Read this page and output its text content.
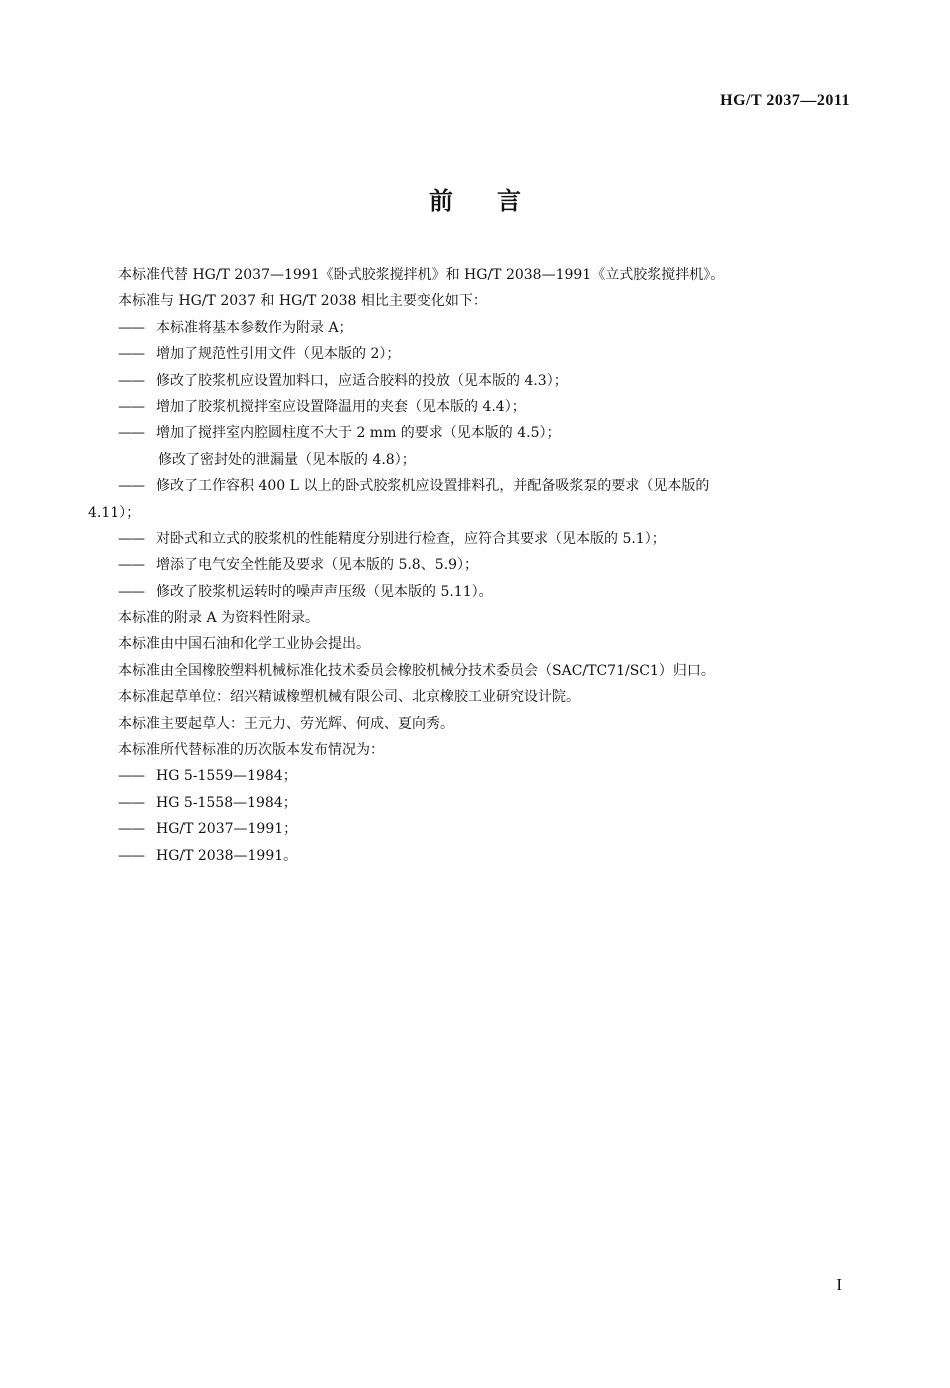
HG/T 2037—2011
前言
本标准代替 HG/T 2037—1991《卧式胶浆搅拌机》和 HG/T 2038—1991《立式胶浆搅拌机》。
本标准与 HG/T 2037 和 HG/T 2038 相比主要变化如下：
—— 本标准将基本参数作为附录 A；
—— 增加了规范性引用文件（见本版的 2）；
—— 修改了胶浆机应设置加料口，应适合胶料的投放（见本版的 4.3）；
—— 增加了胶浆机搅拌室应设置降温用的夹套（见本版的 4.4）；
—— 增加了搅拌室内腔圆柱度不大于 2 mm 的要求（见本版的 4.5）；
修改了密封处的泄漏量（见本版的 4.8）；
—— 修改了工作容积 400 L 以上的卧式胶浆机应设置排料孔，并配备吸浆泵的要求（见本版的
4.11）；
—— 对卧式和立式的胶浆机的性能精度分别进行检查，应符合其要求（见本版的 5.1）；
—— 增添了电气安全性能及要求（见本版的 5.8、5.9）；
—— 修改了胶浆机运转时的噪声声压级（见本版的 5.11）。
本标准的附录 A 为资料性附录。
本标准由中国石油和化学工业协会提出。
本标准由全国橡胶塑料机械标准化技术委员会橡胶机械分技术委员会（SAC/TC71/SC1）归口。
本标准起草单位：绍兴精诚橡塑机械有限公司、北京橡胶工业研究设计院。
本标准主要起草人：王元力、劳光辉、何成、夏向秀。
本标准所代替标准的历次版本发布情况为：
—— HG 5-1559—1984；
—— HG 5-1558—1984；
—— HG/T 2037—1991；
—— HG/T 2038—1991。
I
